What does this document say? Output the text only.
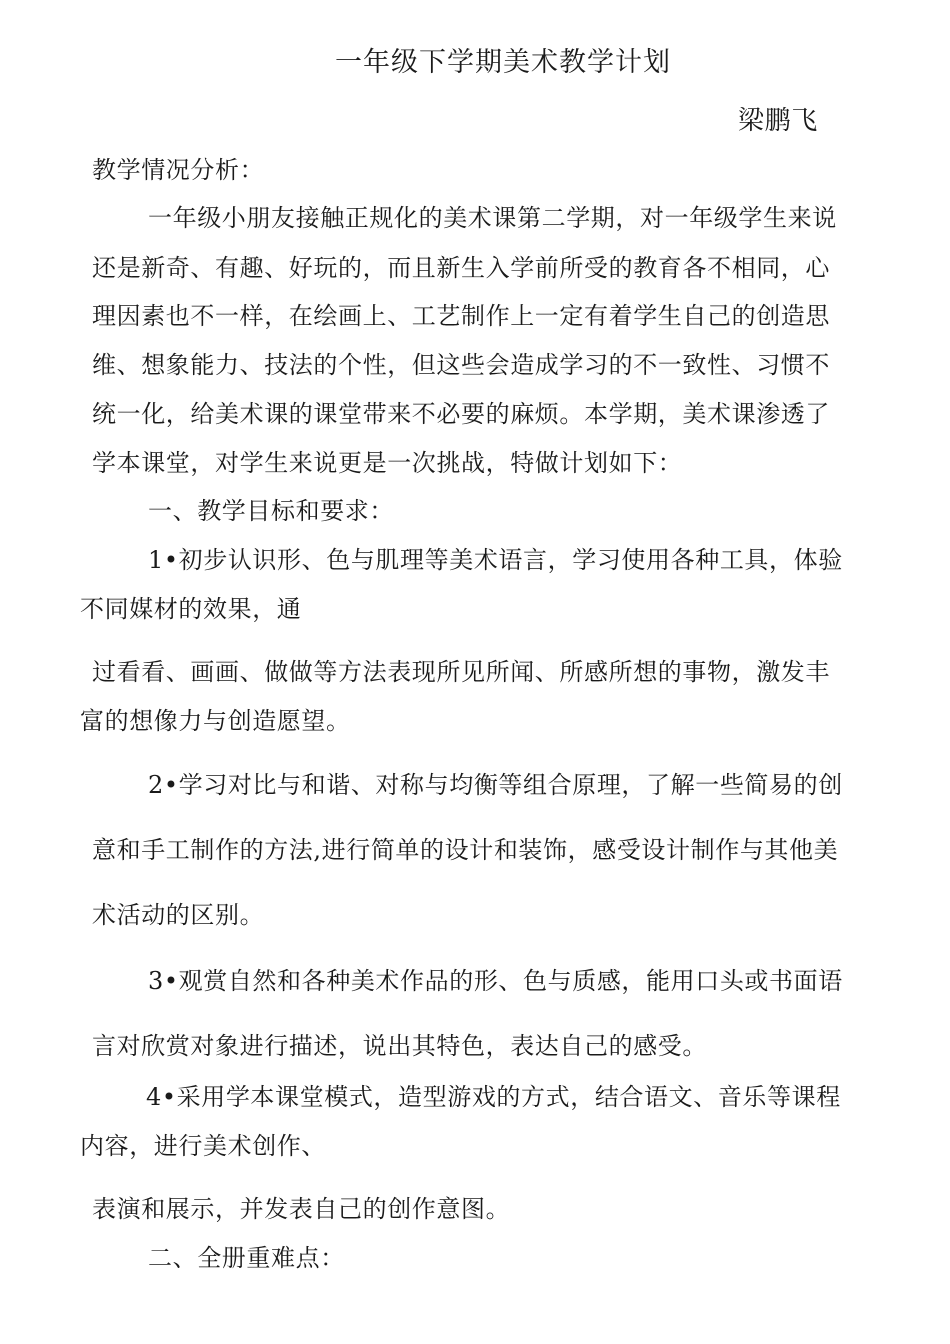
一年级下学期美术教学计划
梁鹏飞
教学情况分析：
一年级小朋友接触正规化的美术课第二学期，对一年级学生来说
还是新奇、有趣、好玩的，而且新生入学前所受的教育各不相同，心
理因素也不一样，在绘画上、工艺制作上一定有着学生自己的创造思
维、想象能力、技法的个性，但这些会造成学习的不一致性、习惯不
统一化，给美术课的课堂带来不必要的麻烦。本学期，美术课渗透了
学本课堂，对学生来说更是一次挑战，特做计划如下：
一、教学目标和要求：
1•初步认识形、色与肌理等美术语言，学习使用各种工具，体验
不同媒材的效果，通
过看看、画画、做做等方法表现所见所闻、所感所想的事物，激发丰
富的想像力与创造愿望。
2•学习对比与和谐、对称与均衡等组合原理，了解一些简易的创
意和手工制作的方法,进行简单的设计和装饰，感受设计制作与其他美
术活动的区别。
3•观赏自然和各种美术作品的形、色与质感，能用口头或书面语
言对欣赏对象进行描述，说出其特色，表达自己的感受。
4•采用学本课堂模式，造型游戏的方式，结合语文、音乐等课程
内容，进行美术创作、
表演和展示，并发表自己的创作意图。
二、全册重难点：
